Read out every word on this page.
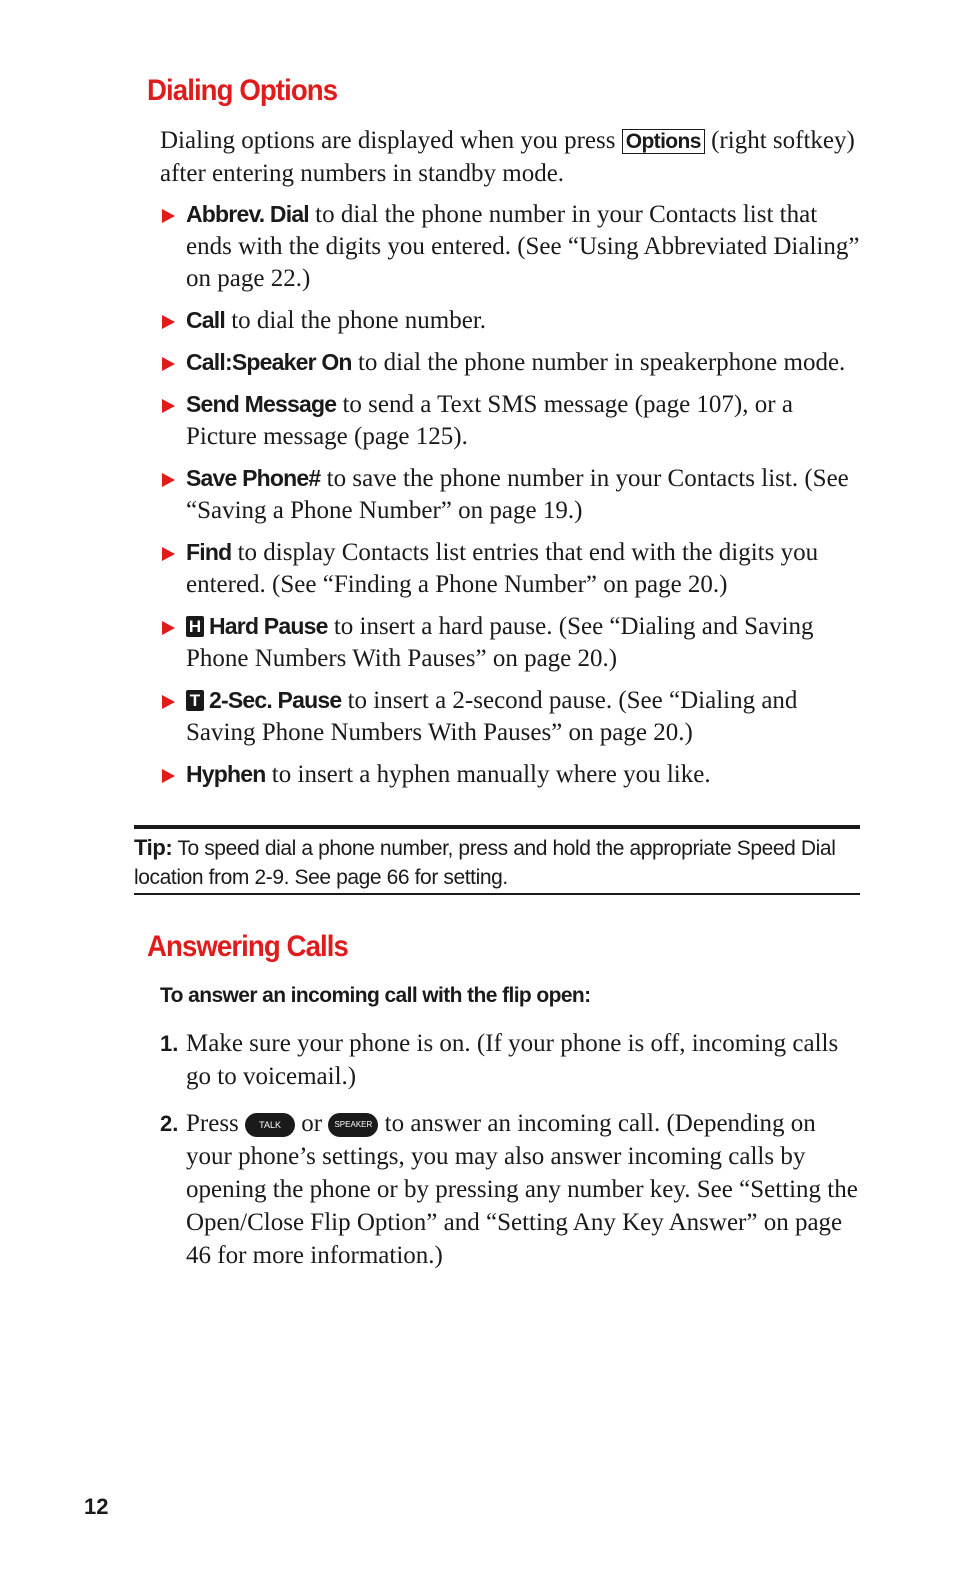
Dialing Options

Dialing options are displayed when you press Options (right softkey) after entering numbers in standby mode.

Abbrev. Dial to dial the phone number in your Contacts list that ends with the digits you entered. (See “Using Abbreviated Dialing” on page 22.)
Call to dial the phone number.
Call:Speaker On to dial the phone number in speakerphone mode.
Send Message to send a Text SMS message (page 107), or a Picture message (page 125).
Save Phone# to save the phone number in your Contacts list. (See “Saving a Phone Number” on page 19.)
Find to display Contacts list entries that end with the digits you entered. (See “Finding a Phone Number” on page 20.)
H Hard Pause to insert a hard pause. (See “Dialing and Saving Phone Numbers With Pauses” on page 20.)
T 2-Sec. Pause to insert a 2-second pause. (See “Dialing and Saving Phone Numbers With Pauses” on page 20.)
Hyphen to insert a hyphen manually where you like.
Tip: To speed dial a phone number, press and hold the appropriate Speed Dial location from 2-9. See page 66 for setting.
Answering Calls

To answer an incoming call with the flip open:

1. Make sure your phone is on. (If your phone is off, incoming calls go to voicemail.)
2. Press TALK or SPEAKER to answer an incoming call. (Depending on your phone’s settings, you may also answer incoming calls by opening the phone or by pressing any number key. See “Setting the Open/Close Flip Option” and “Setting Any Key Answer” on page 46 for more information.)
12
